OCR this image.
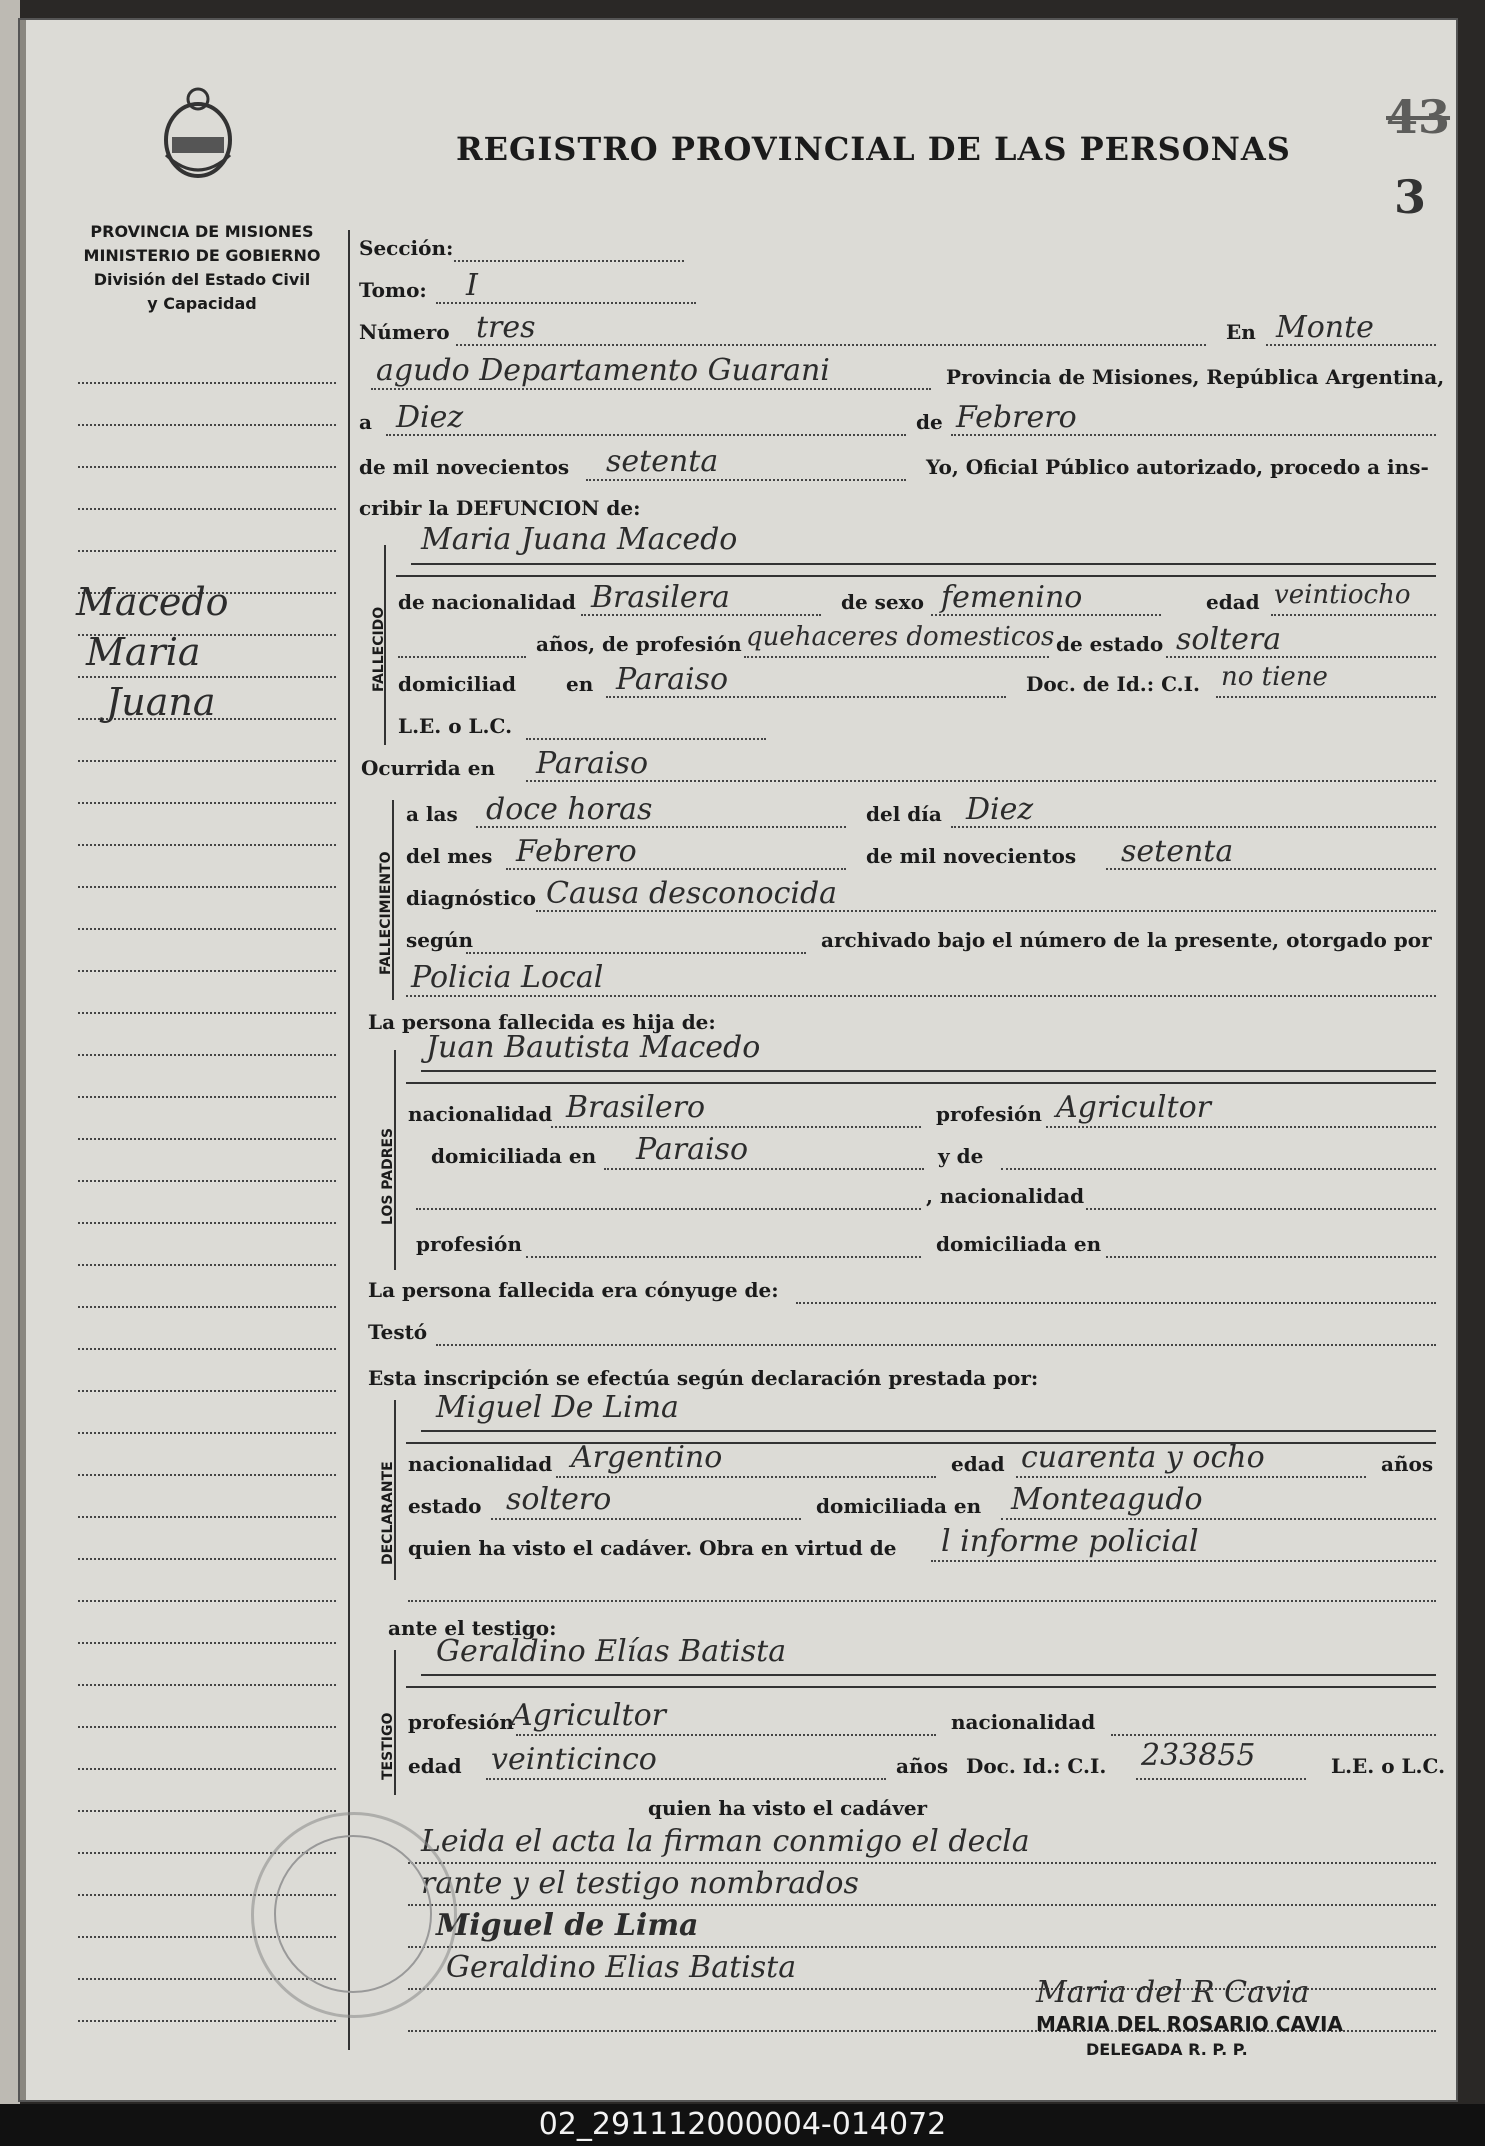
PROVINCIA DE MISIONES
MINISTERIO DE GOBIERNO
División del Estado Civil
y Capacidad
REGISTRO PROVINCIAL DE LAS PERSONAS
43
3
Macedo
Maria
Juana
Sección:
Tomo: I
Número tres	En Monte
agudo Departamento Guarani	Provincia de Misiones, República Argentina,
a Diez	de Febrero
de mil novecientos setenta	Yo, Oficial Público autorizado, procedo a ins-
cribir la DEFUNCION de:
FALLECIDO
Maria Juana Macedo
de nacionalidad Brasilera	de sexo femenino	edad veintiocho
años, de profesión quehaceres domesticos de estado soltera
domiciliad	en Paraiso	Doc. de Id.: C.I. no tiene
L.E. o L.C.
Ocurrida en Paraiso
FALLECIMIENTO
a las doce horas	del día Diez
del mes Febrero	de mil novecientos setenta
diagnóstico Causa desconocida
según	archivado bajo el número de la presente, otorgado por
Policia Local
La persona fallecida es hija de:
LOS PADRES
Juan Bautista Macedo
nacionalidad Brasilero	profesión Agricultor
domiciliada en Paraiso	y de
, nacionalidad
profesión	domiciliada en
La persona fallecida era cónyuge de:
Testó
Esta inscripción se efectúa según declaración prestada por:
DECLARANTE
Miguel De Lima
nacionalidad Argentino	edad cuarenta y ocho	años
estado soltero	domiciliada en Monteagudo
quien ha visto el cadáver. Obra en virtud de l informe policial
ante el testigo:
TESTIGO
Geraldino Elías Batista
profesión
Agricultor	nacionalidad
edad veinticinco	años Doc. Id.: C.I. 233855	L.E. o L.C.
quien ha visto el cadáver
Leida el acta la firman conmigo el decla
rante y el testigo nombrados
Miguel de Lima
Geraldino Elias Batista
Maria del R Cavia
MARIA DEL ROSARIO CAVIA
DELEGADA R. P. P.
02_291112000004-014072
